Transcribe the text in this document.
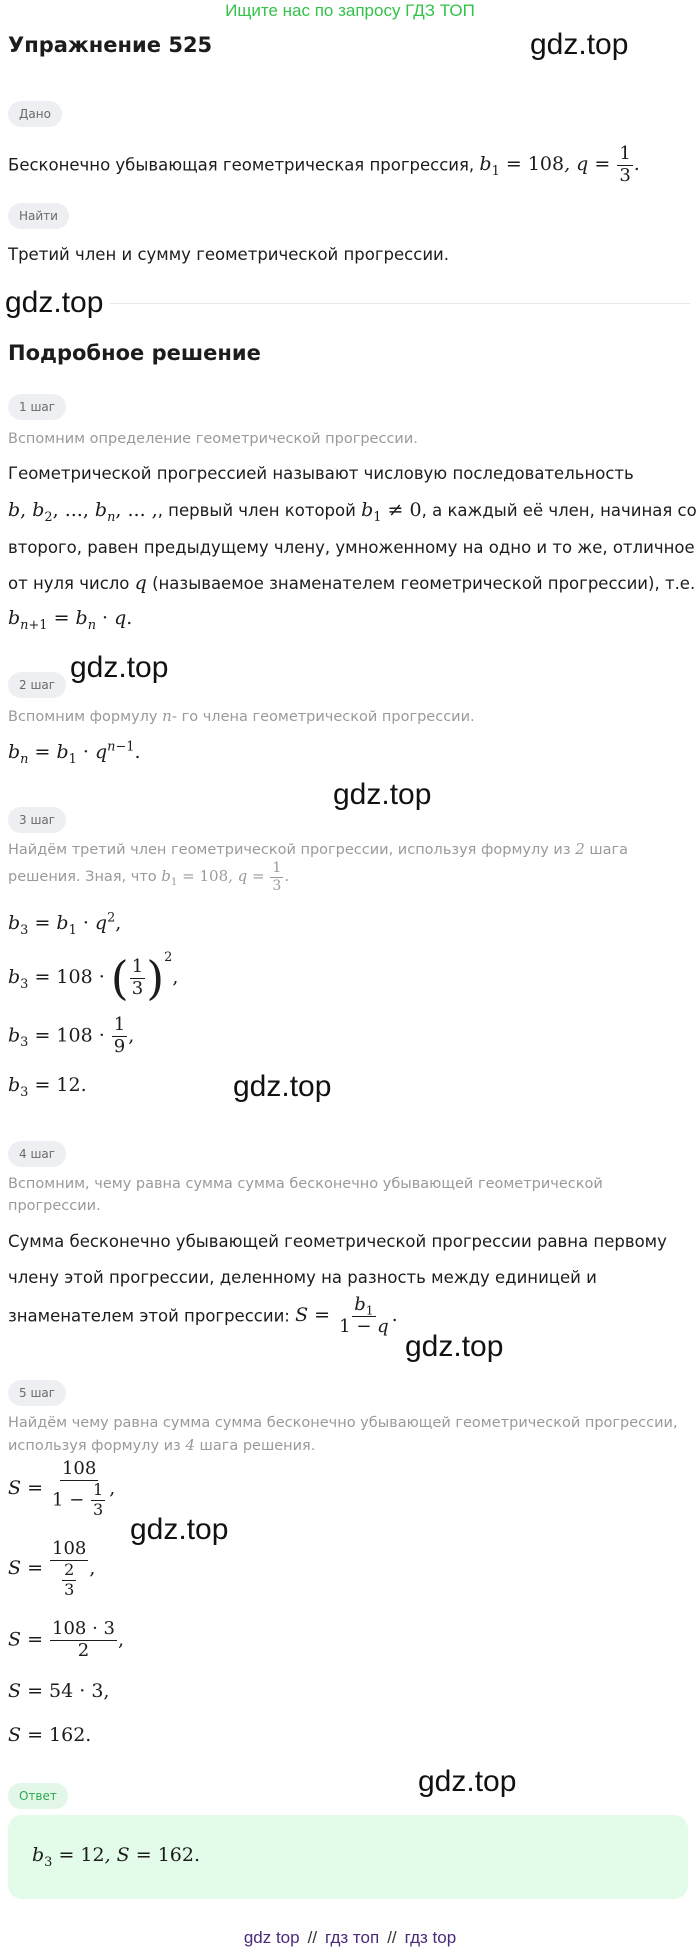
Ищите нас по запросу ГДЗ ТОП
Упражнение 525	gdz.top
Дано
Бесконечно убывающая геометрическая прогрессия, $b_1 = 108$, $q = \frac{1}{3}$ .
Найти
Третий член и сумму геометрической прогрессии.
gdz.top
Подробное решение
1 шаг
Вспомним определение геометрической прогрессии.
Геометрической прогрессией называют числовую последовательность
b, $b_2$, ..., $b_n$, ... ,, первый член которой $b_1 \ne 0$, а каждый её член, начиная со
второго, равен предыдущему члену, умноженному на одно и то же, отличное
от нуля число q (называемое знаменателем геометрической прогрессии), т.е.
$b_{n+1} = b_n \cdot q$.
2 шаг
gdz.top
Вспомним формулу n- го члена геометрической прогрессии.
$b_n = b_1 \cdot q^{n-1}$.
gdz.top
3 шаг
Найдём третий член геометрической прогрессии, используя формулу из 2 шага
решения. Зная, что $b_1 = 108$, $q = \frac{1}{3}$ .
$b_3 = b_1 \cdot q^2$,
$b_3 = 108$ · ( $\frac{1}{3} )^2$,
$b_3 = 108 \cdot \frac{1}{9}$ ,
$b_3 = 12$.	gdz.top
4 шаг
Вспомним, чему равна сумма сумма бесконечно убывающей геометрической
прогрессии.
Сумма бесконечно убывающей геометрической прогрессии равна первому
члену этой прогрессии, деленному на разность между единицей и
знаменателем этой прогрессии: $S = \frac{b_1}{1 - q}$ .
gdz.top
5 шаг
Найдём чему равна сумма сумма бесконечно убывающей геометрической прогрессии,
используя формулу из 4 шага решения.
$S = \frac{108}{1 - \frac{1}{3}}$ ,
gdz.top
$S = \frac{108}{\frac{2}{3}}$ ,
$S = \frac{108 \cdot 3}{2}$ ,
S = 54 · 3,
S = 162.
gdz.top
Ответ
$b_3 = 12$, S = 162.
gdz top // гдз топ // гдз top
